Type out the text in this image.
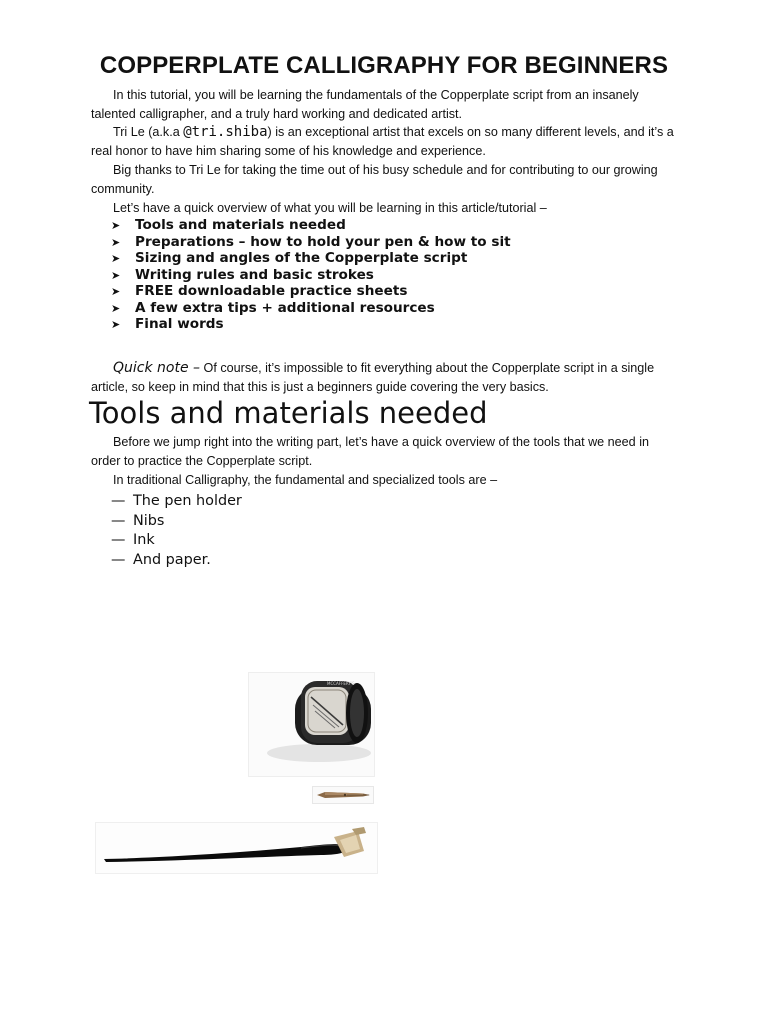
COPPERPLATE CALLIGRAPHY FOR BEGINNERS
In this tutorial, you will be learning the fundamentals of the Copperplate script from an insanely talented calligrapher, and a truly hard working and dedicated artist.
Tri Le (a.k.a @tri.shiba) is an exceptional artist that excels on so many different levels, and it’s a real honor to have him sharing some of his knowledge and experience.
Big thanks to Tri Le for taking the time out of his busy schedule and for contributing to our growing community.
Let’s have a quick overview of what you will be learning in this article/tutorial –
➤ Tools and materials needed
➤ Preparations – how to hold your pen & how to sit
➤ Sizing and angles of the Copperplate script
➤ Writing rules and basic strokes
➤ FREE downloadable practice sheets
➤ A few extra tips + additional resources
➤ Final words
Quick note – Of course, it’s impossible to fit everything about the Copperplate script in a single article, so keep in mind that this is just a beginners guide covering the very basics.
Tools and materials needed
Before we jump right into the writing part, let’s have a quick overview of the tools that we need in order to practice the Copperplate script.
In traditional Calligraphy, the fundamental and specialized tools are –
— The pen holder
— Nibs
— Ink
— And paper.
MCCAFFERY'S
